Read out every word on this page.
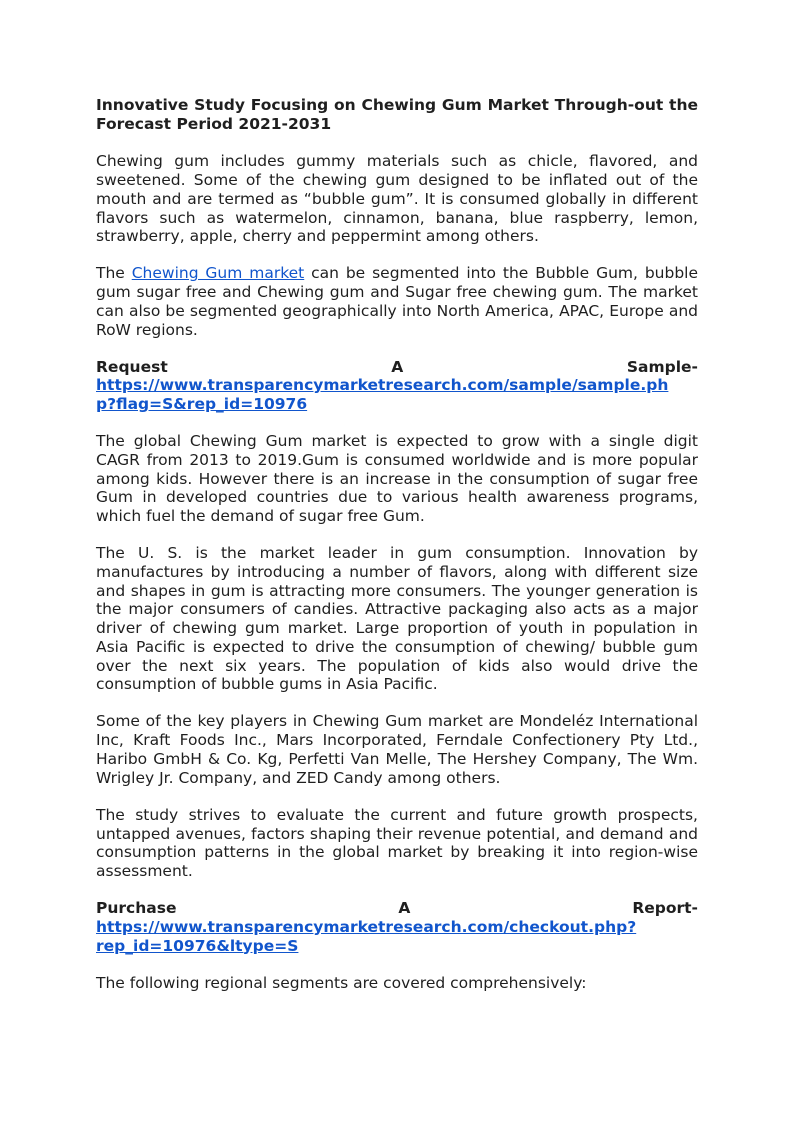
Innovative Study Focusing on Chewing Gum Market Through-out the Forecast Period 2021-2031

Chewing gum includes gummy materials such as chicle, flavored, and sweetened. Some of the chewing gum designed to be inflated out of the mouth and are termed as “bubble gum”. It is consumed globally in different flavors such as watermelon, cinnamon, banana, blue raspberry, lemon, strawberry, apple, cherry and peppermint among others.

The Chewing Gum market can be segmented into the Bubble Gum, bubble gum sugar free and Chewing gum and Sugar free chewing gum. The market can also be segmented geographically into North America, APAC, Europe and RoW regions.

Request	A	Sample-
https://www.transparencymarketresearch.com/sample/sample.ph
p?flag=S&rep_id=10976

The global Chewing Gum market is expected to grow with a single digit CAGR from 2013 to 2019.Gum is consumed worldwide and is more popular among kids. However there is an increase in the consumption of sugar free Gum in developed countries due to various health awareness programs, which fuel the demand of sugar free Gum.

The U. S. is the market leader in gum consumption. Innovation by manufactures by introducing a number of flavors, along with different size and shapes in gum is attracting more consumers. The younger generation is the major consumers of candies. Attractive packaging also acts as a major driver of chewing gum market. Large proportion of youth in population in Asia Pacific is expected to drive the consumption of chewing/ bubble gum over the next six years. The population of kids also would drive the consumption of bubble gums in Asia Pacific.

Some of the key players in Chewing Gum market are Mondeléz International Inc, Kraft Foods Inc., Mars Incorporated, Ferndale Confectionery Pty Ltd., Haribo GmbH & Co. Kg, Perfetti Van Melle, The Hershey Company, The Wm. Wrigley Jr. Company, and ZED Candy among others.

The study strives to evaluate the current and future growth prospects, untapped avenues, factors shaping their revenue potential, and demand and consumption patterns in the global market by breaking it into region-wise assessment.

Purchase	A	Report-
https://www.transparencymarketresearch.com/checkout.php?
rep_id=10976&ltype=S

The following regional segments are covered comprehensively:
